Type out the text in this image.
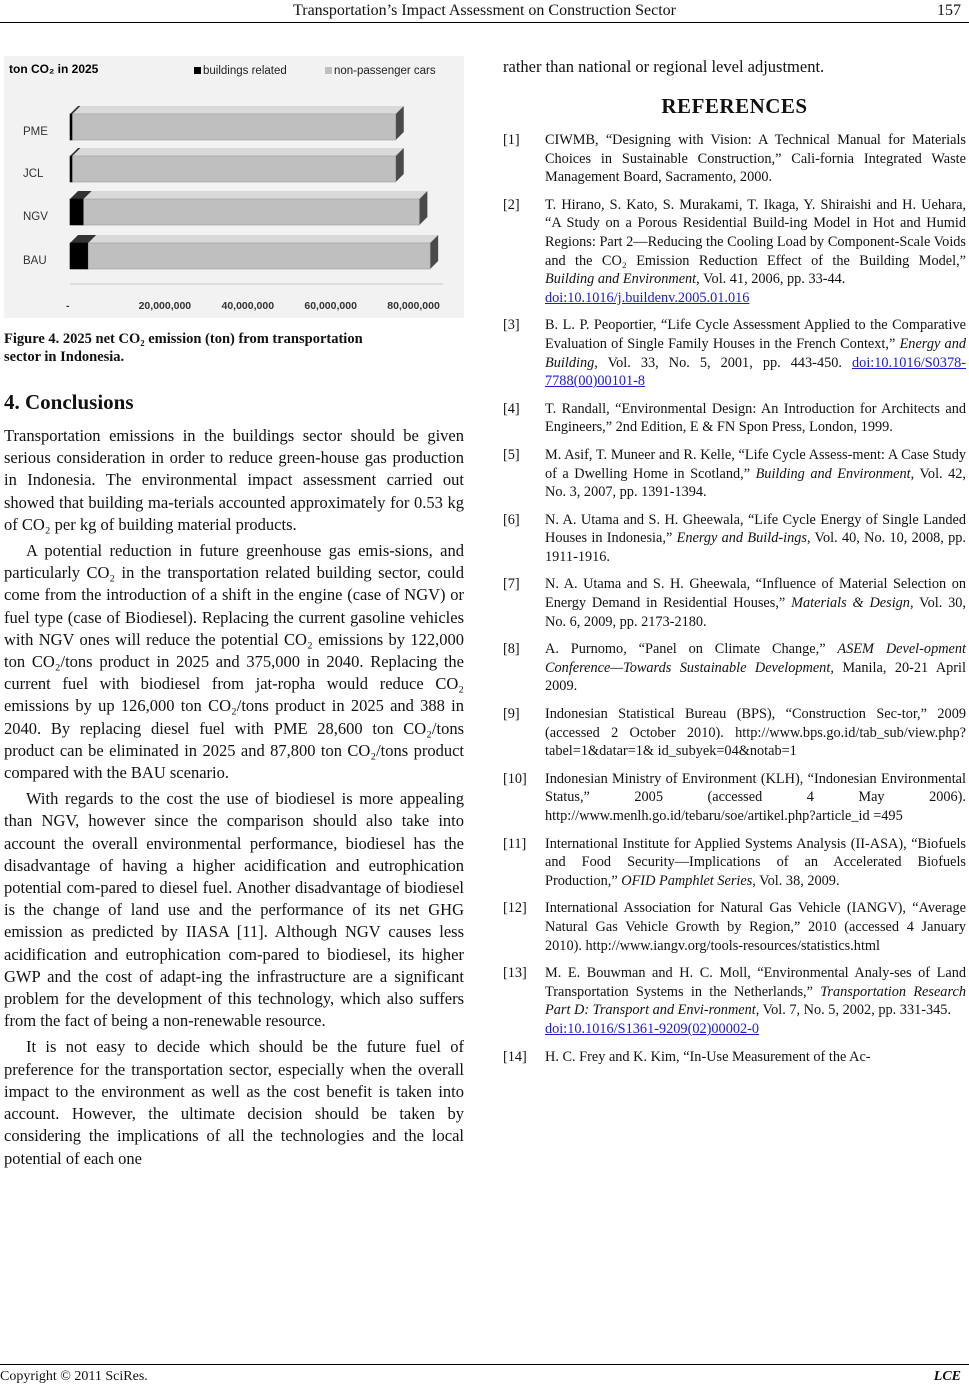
Transportation’s Impact Assessment on Construction Sector	157
ton CO₂ in 2025	buildings related	non-passenger cars
PME
JCL
NGV
BAU
-	20,000,000	40,000,000	60,000,000	80,000,000
Figure 4. 2025 net CO₂ emission (ton) from transportation
sector in Indonesia.
4. Conclusions

Transportation emissions in the buildings sector should be given serious consideration in order to reduce green-house gas production in Indonesia. The environmental impact assessment carried out showed that building ma-terials accounted approximately for 0.53 kg of CO₂ per kg of building material products.

A potential reduction in future greenhouse gas emis-sions, and particularly CO₂ in the transportation related building sector, could come from the introduction of a shift in the engine (case of NGV) or fuel type (case of Biodiesel). Replacing the current gasoline vehicles with NGV ones will reduce the potential CO₂ emissions by 122,000 ton CO₂/tons product in 2025 and 375,000 in 2040. Replacing the current fuel with biodiesel from jat-ropha would reduce CO₂ emissions by up 126,000 ton CO₂/tons product in 2025 and 388 in 2040. By replacing diesel fuel with PME 28,600 ton CO₂/tons product can be eliminated in 2025 and 87,800 ton CO₂/tons product compared with the BAU scenario.

With regards to the cost the use of biodiesel is more appealing than NGV, however since the comparison should also take into account the overall environmental performance, biodiesel has the disadvantage of having a higher acidification and eutrophication potential com-pared to diesel fuel. Another disadvantage of biodiesel is the change of land use and the performance of its net GHG emission as predicted by IIASA [11]. Although NGV causes less acidification and eutrophication com-pared to biodiesel, its higher GWP and the cost of adapt-ing the infrastructure are a significant problem for the development of this technology, which also suffers from the fact of being a non-renewable resource.

It is not easy to decide which should be the future fuel of preference for the transportation sector, especially when the overall impact to the environment as well as the cost benefit is taken into account. However, the ultimate decision should be taken by considering the implications of all the technologies and the local potential of each one

rather than national or regional level adjustment.
REFERENCES
[1]	CIWMB, “Designing with Vision: A Technical Manual for Materials Choices in Sustainable Construction,” Cali-fornia Integrated Waste Management Board, Sacramento, 2000.
[2]	T. Hirano, S. Kato, S. Murakami, T. Ikaga, Y. Shiraishi and H. Uehara, “A Study on a Porous Residential Build-ing Model in Hot and Humid Regions: Part 2—Reducing the Cooling Load by Component-Scale Voids and the CO₂ Emission Reduction Effect of the Building Model,” Building and Environment, Vol. 41, 2006, pp. 33-44.
doi:10.1016/j.buildenv.2005.01.016
[3]	B. L. P. Peoportier, “Life Cycle Assessment Applied to the Comparative Evaluation of Single Family Houses in the French Context,” Energy and Building, Vol. 33, No. 5, 2001, pp. 443-450. doi:10.1016/S0378-7788(00)00101-8
[4]	T. Randall, “Environmental Design: An Introduction for Architects and Engineers,” 2nd Edition, E & FN Spon Press, London, 1999.
[5]	M. Asif, T. Muneer and R. Kelle, “Life Cycle Assess-ment: A Case Study of a Dwelling Home in Scotland,” Building and Environment, Vol. 42, No. 3, 2007, pp. 1391-1394.
[6]	N. A. Utama and S. H. Gheewala, “Life Cycle Energy of Single Landed Houses in Indonesia,” Energy and Build-ings, Vol. 40, No. 10, 2008, pp. 1911-1916.
[7]	N. A. Utama and S. H. Gheewala, “Influence of Material Selection on Energy Demand in Residential Houses,” Materials & Design, Vol. 30, No. 6, 2009, pp. 2173-2180.
[8]	A. Purnomo, “Panel on Climate Change,” ASEM Devel-opment Conference—Towards Sustainable Development, Manila, 20-21 April 2009.
[9]	Indonesian Statistical Bureau (BPS), “Construction Sec-tor,” 2009 (accessed 2 October 2010). http://www.bps.go.id/tab_sub/view.php?tabel=1&datar=1& id_subyek=04&notab=1
[10]	Indonesian Ministry of Environment (KLH), “Indonesian Environmental Status,” 2005 (accessed 4 May 2006). http://www.menlh.go.id/tebaru/soe/artikel.php?article_id =495
[11]	International Institute for Applied Systems Analysis (II-ASA), “Biofuels and Food Security—Implications of an Accelerated Biofuels Production,” OFID Pamphlet Series, Vol. 38, 2009.
[12]	International Association for Natural Gas Vehicle (IANGV), “Average Natural Gas Vehicle Growth by Region,” 2010 (accessed 4 January 2010). http://www.iangv.org/tools-resources/statistics.html
[13]	M. E. Bouwman and H. C. Moll, “Environmental Analy-ses of Land Transportation Systems in the Netherlands,” Transportation Research Part D: Transport and Envi-ronment, Vol. 7, No. 5, 2002, pp. 331-345.
doi:10.1016/S1361-9209(02)00002-0
[14]	H. C. Frey and K. Kim, “In-Use Measurement of the Ac-
Copyright © 2011 SciRes.	LCE
